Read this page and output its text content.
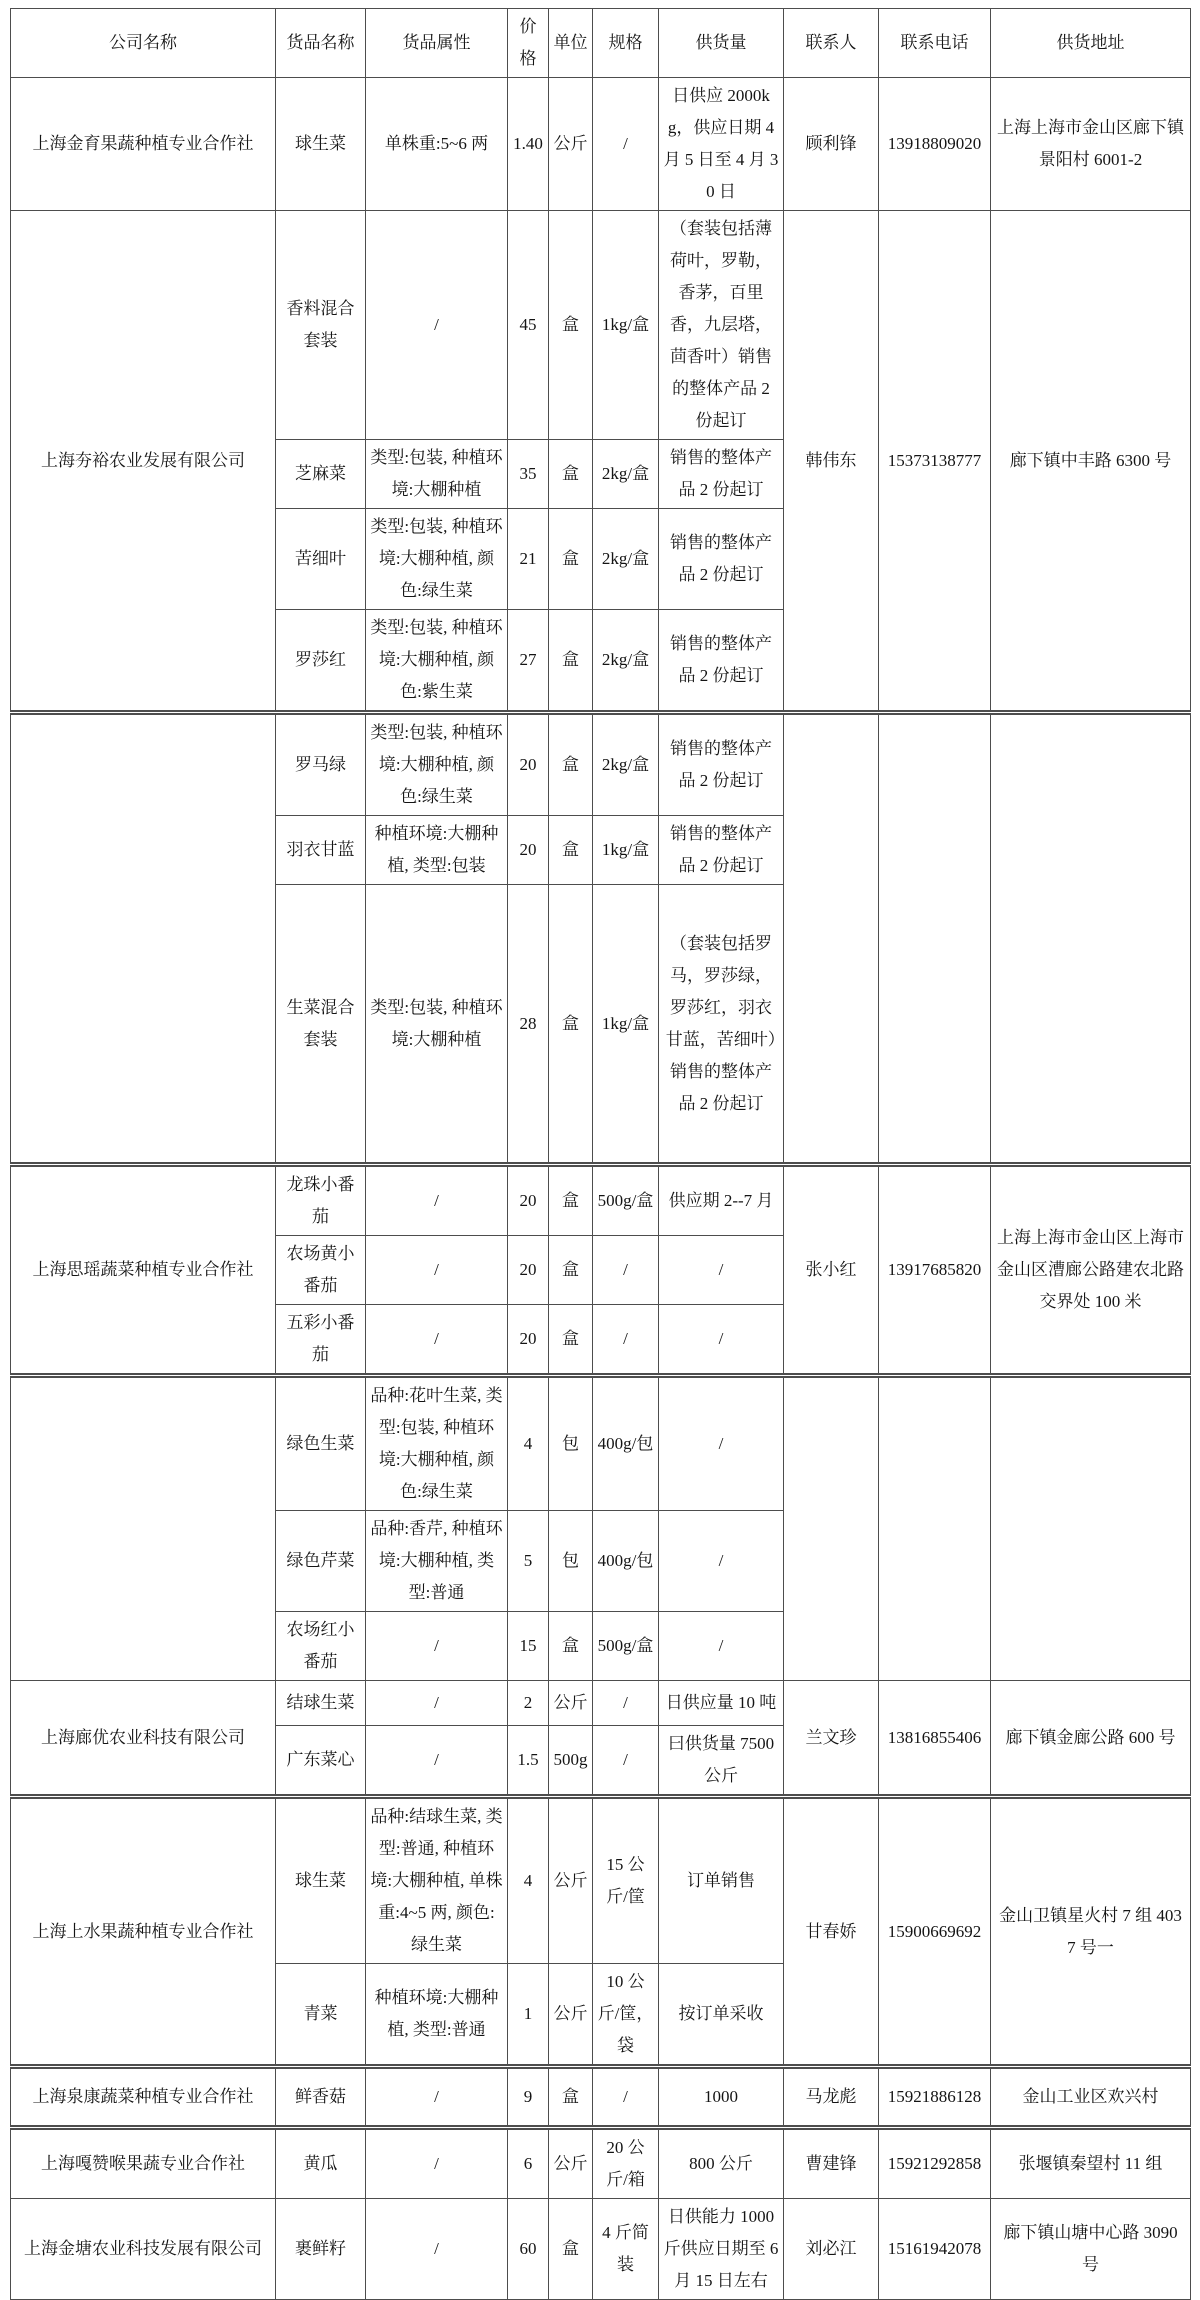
公司名称	货品名称	货品属性	价格	单位	规格	供货量	联系人	联系电话	供货地址
上海金育果蔬种植专业合作社	球生菜	单株重:5~6 两	1.40	公斤	/	日供应 2000kg，供应日期 4 月 5 日至 4 月 30 日	顾利锋	13918809020	上海上海市金山区廊下镇景阳村 6001-2
上海夯裕农业发展有限公司	香料混合套装	/	45	盒	1kg/盒	（套装包括薄荷叶，罗勒，香茅，百里香，九层塔，茴香叶）销售的整体产品 2 份起订	韩伟东	15373138777	廊下镇中丰路 6300 号
	芝麻菜	类型:包装, 种植环境:大棚种植	35	盒	2kg/盒	销售的整体产品 2 份起订			
	苦细叶	类型:包装, 种植环境:大棚种植, 颜色:绿生菜	21	盒	2kg/盒	销售的整体产品 2 份起订			
	罗莎红	类型:包装, 种植环境:大棚种植, 颜色:紫生菜	27	盒	2kg/盒	销售的整体产品 2 份起订			
	罗马绿	类型:包装, 种植环境:大棚种植, 颜色:绿生菜	20	盒	2kg/盒	销售的整体产品 2 份起订			
	羽衣甘蓝	种植环境:大棚种植, 类型:包装	20	盒	1kg/盒	销售的整体产品 2 份起订			
	生菜混合套装	类型:包装, 种植环境:大棚种植	28	盒	1kg/盒	（套装包括罗马，罗莎绿，罗莎红，羽衣甘蓝，苦细叶）销售的整体产品 2 份起订			
上海思瑶蔬菜种植专业合作社	龙珠小番茄	/	20	盒	500g/盒	供应期 2--7 月	张小红	13917685820	上海上海市金山区上海市金山区漕廊公路建农北路交界处 100 米
	农场黄小番茄	/	20	盒	/	/			
	五彩小番茄	/	20	盒	/	/			
	绿色生菜	品种:花叶生菜, 类型:包装, 种植环境:大棚种植, 颜色:绿生菜	4	包	400g/包	/			
	绿色芹菜	品种:香芹, 种植环境:大棚种植, 类型:普通	5	包	400g/包	/			
	农场红小番茄	/	15	盒	500g/盒	/			
上海廊优农业科技有限公司	结球生菜	/	2	公斤	/	日供应量 10 吨	兰文珍	13816855406	廊下镇金廊公路 600 号
	广东菜心	/	1.5	500g	/	曰供货量 7500 公斤			
上海上水果蔬种植专业合作社	球生菜	品种:结球生菜, 类型:普通, 种植环境:大棚种植, 单株重:4~5 两, 颜色:绿生菜	4	公斤	15 公斤/筐	订单销售	甘春娇	15900669692	金山卫镇星火村 7 组 4037 号一
	青菜	种植环境:大棚种植, 类型:普通	1	公斤	10 公斤/筐，袋	按订单采收			
上海泉康蔬菜种植专业合作社	鲜香菇	/	9	盒	/	1000	马龙彪	15921886128	金山工业区欢兴村
上海嘎赞喉果蔬专业合作社	黄瓜	/	6	公斤	20 公斤/箱	800 公斤	曹建锋	15921292858	张堰镇秦望村 11 组
上海金塘农业科技发展有限公司	裹鲜籽	/	60	盒	4 斤简装	日供能力 1000 斤供应日期至 6 月 15 日左右	刘必江	15161942078	廊下镇山塘中心路 3090 号
